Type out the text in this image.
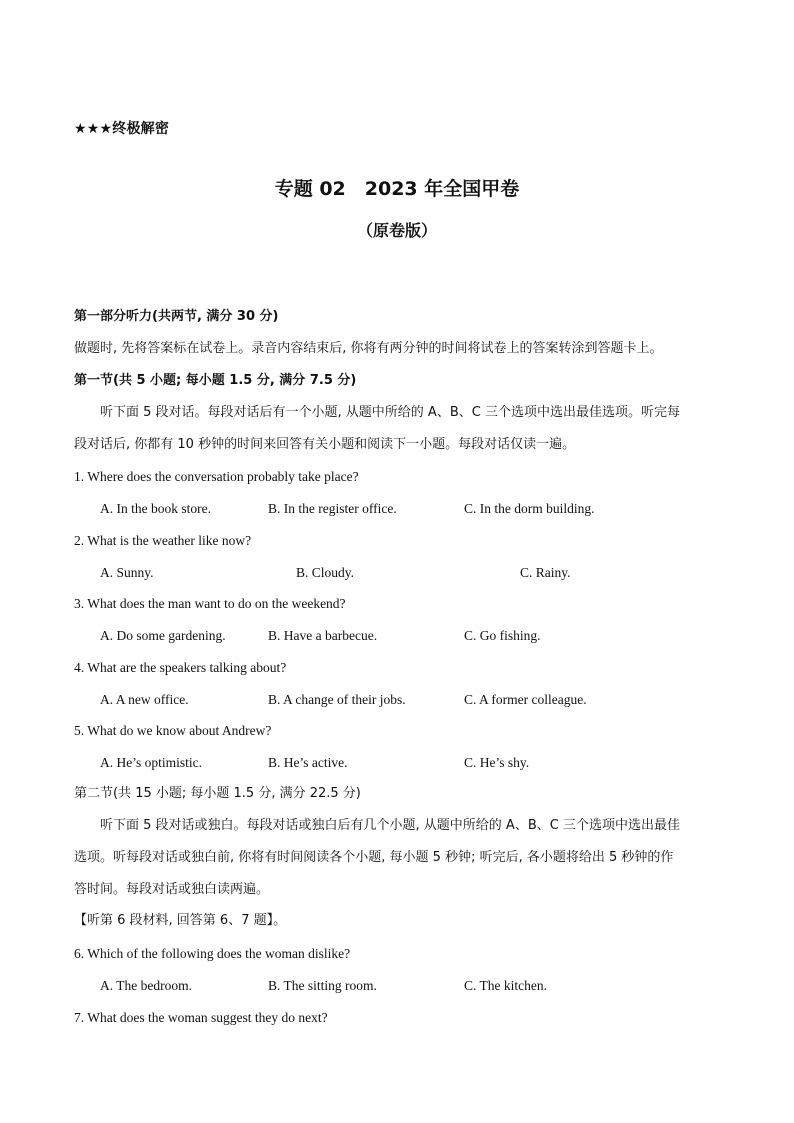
★★★终极解密
专题 02　2023 年全国甲卷
（原卷版）
第一部分听力(共两节, 满分 30 分)
做题时, 先将答案标在试卷上。录音内容结束后, 你将有两分钟的时间将试卷上的答案转涂到答题卡上。
第一节(共 5 小题; 每小题 1.5 分, 满分 7.5 分)
听下面 5 段对话。每段对话后有一个小题, 从题中所给的 A、B、C 三个选项中选出最佳选项。听完每
段对话后, 你都有 10 秒钟的时间来回答有关小题和阅读下一小题。每段对话仅读一遍。
1. Where does the conversation probably take place?
A. In the book store.	B. In the register office.	C. In the dorm building.
2. What is the weather like now?
A. Sunny.	B. Cloudy.	C. Rainy.
3. What does the man want to do on the weekend?
A. Do some gardening.	B. Have a barbecue.	C. Go fishing.
4. What are the speakers talking about?
A. A new office.	B. A change of their jobs.	C. A former colleague.
5. What do we know about Andrew?
A. He’s optimistic.	B. He’s active.	C. He’s shy.
第二节(共 15 小题; 每小题 1.5 分, 满分 22.5 分)
听下面 5 段对话或独白。每段对话或独白后有几个小题, 从题中所给的 A、B、C 三个选项中选出最佳
选项。听每段对话或独白前, 你将有时间阅读各个小题, 每小题 5 秒钟; 听完后, 各小题将给出 5 秒钟的作
答时间。每段对话或独白读两遍。
【听第 6 段材料, 回答第 6、7 题】。
6. Which of the following does the woman dislike?
A. The bedroom.	B. The sitting room.	C. The kitchen.
7. What does the woman suggest they do next?
